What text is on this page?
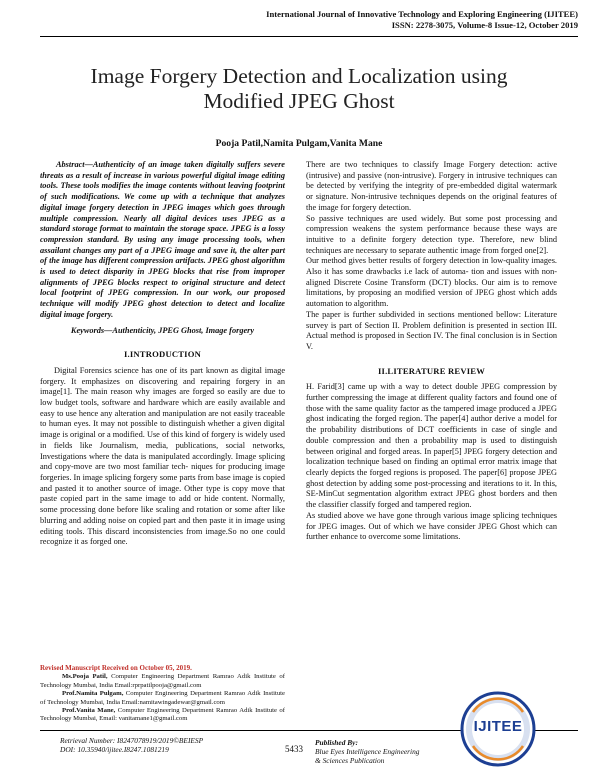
International Journal of Innovative Technology and Exploring Engineering (IJITEE)
ISSN: 2278-3075, Volume-8 Issue-12, October 2019
Image Forgery Detection and Localization using
Modified JPEG Ghost
Pooja Patil,Namita Pulgam,Vanita Mane

Abstract—Authenticity of an image taken digitally suffers severe threats as a result of increase in various powerful digital image editing tools. These tools modifies the image contents without leaving footprint of such modifications. We come up with a technique that analyzes digital image forgery detection in JPEG images which goes through multiple compression. Nearly all digital devices uses JPEG as a standard storage format to maintain the storage space. JPEG is a lossy compression standard. By using any image processing tools, when assailant changes any part of a JPEG image and save it, the alter part of the image has different compression artifacts. JPEG ghost algorithm is used to detect disparity in JPEG blocks that rise from improper alignments of JPEG blocks respect to original structure and detect local footprint of JPEG compression. In our work, our proposed technique will modify JPEG ghost detection to detect and localize digital image forgery.

Keywords—Authenticity, JPEG Ghost, Image forgery

I.INTRODUCTION

Digital Forensics science has one of its part known as digital image forgery. It emphasizes on discovering and repairing forgery in an image[1]. The main reason why images are forged so easily are due to low budget tools, software and hardware which are easily available and easy to use hence any alteration and manipulation are not easily traceable to human eyes. It may not possible to distinguish whether a given digital image is original or a modified. Use of this kind of forgery is widely used in fields like Journalism, media, publications, social networks, Investigations where the data is manipulated accordingly. Image splicing and copy-move are two most familiar tech- niques for producing image forgeries. In image splicing forgery some parts from base image is copied and pasted it to another source of image. Other type is copy move that paste copied part in the same image to add or hide content. Normally, some processing done before like scaling and rotation or some after like blurring and adding noise on copied part and then paste it in image using editing tools. This discard inconsistencies from image.So no one could recognize it as forged one.

There are two techniques to classify Image Forgery detection: active (intrusive) and passive (non-intrusive). Forgery in intrusive techniques can be detected by verifying the integrity of pre-embedded digital watermark or signature. Non-intrusive techniques depends on the original features of the image for forgery detection.

So passive techniques are used widely. But some post processing and compression weakens the system performance because these ways are intuitive to a definite forgery detection type. Therefore, new blind techniques are necessary to separate authentic image from forged one[2].

Our method gives better results of forgery detection in low-quality images. Also it has some drawbacks i.e lack of automa- tion and issues with non-aligned Discrete Cosine Transform (DCT) blocks. Our aim is to remove limitations, by proposing an modified version of JPEG ghost which adds automation to algorithm.

The paper is further subdivided in sections mentioned bellow: Literature survey is part of Section II. Problem definition is presented in section III. Actual method is proposed in Section IV. The final conclusion is in Section V.

II.LITERATURE REVIEW

H. Farid[3] came up with a way to detect double JPEG compression by further compressing the image at different quality factors and found one of those with the same quality factor as the tampered image produced a JPEG ghost indicating the forged region. The paper[4] author derive a model for the probability distributions of DCT coefficients in case of single and double compression and then a probability map is used to distinguish between original and forged areas. In paper[5] JPEG forgery detection and localization technique based on finding an optimal error matrix image that clearly depicts the forged regions is proposed. The paper[6] propose JPEG ghost detection by adding some post-processing and iterations to it. In this, SE-MinCut segmentation algorithm extract JPEG ghost borders and then the classifier classify forged and tampered region.

As studied above we have gone through various image splicing techniques for JPEG images. Out of which we have consider JPEG Ghost which can further enhance to overcome some limitations.

Revised Manuscript Received on October 05, 2019.

Ms.Pooja Patil, Computer Engineering Department Ramrao Adik Institute of Technology Mumbai, India Email:rprpatilpooja@gmail.com

Prof.Namita Pulgam, Computer Engineering Department Ramrao Adik Institute of Technology Mumbai, India Email:namitawingadewar@gmail.com

Prof.Vanita Mane, Computer Engineering Department Ramrao Adik Institute of Technology Mumbai, Email: vanitamane1@gmail.com

Retrieval Number: I8247078919/2019©BEIESP
DOI: 10.35940/ijitee.I8247.1081219	5433
Published By:
Blue Eyes Intelligence Engineering
& Sciences Publication
IJITEE
